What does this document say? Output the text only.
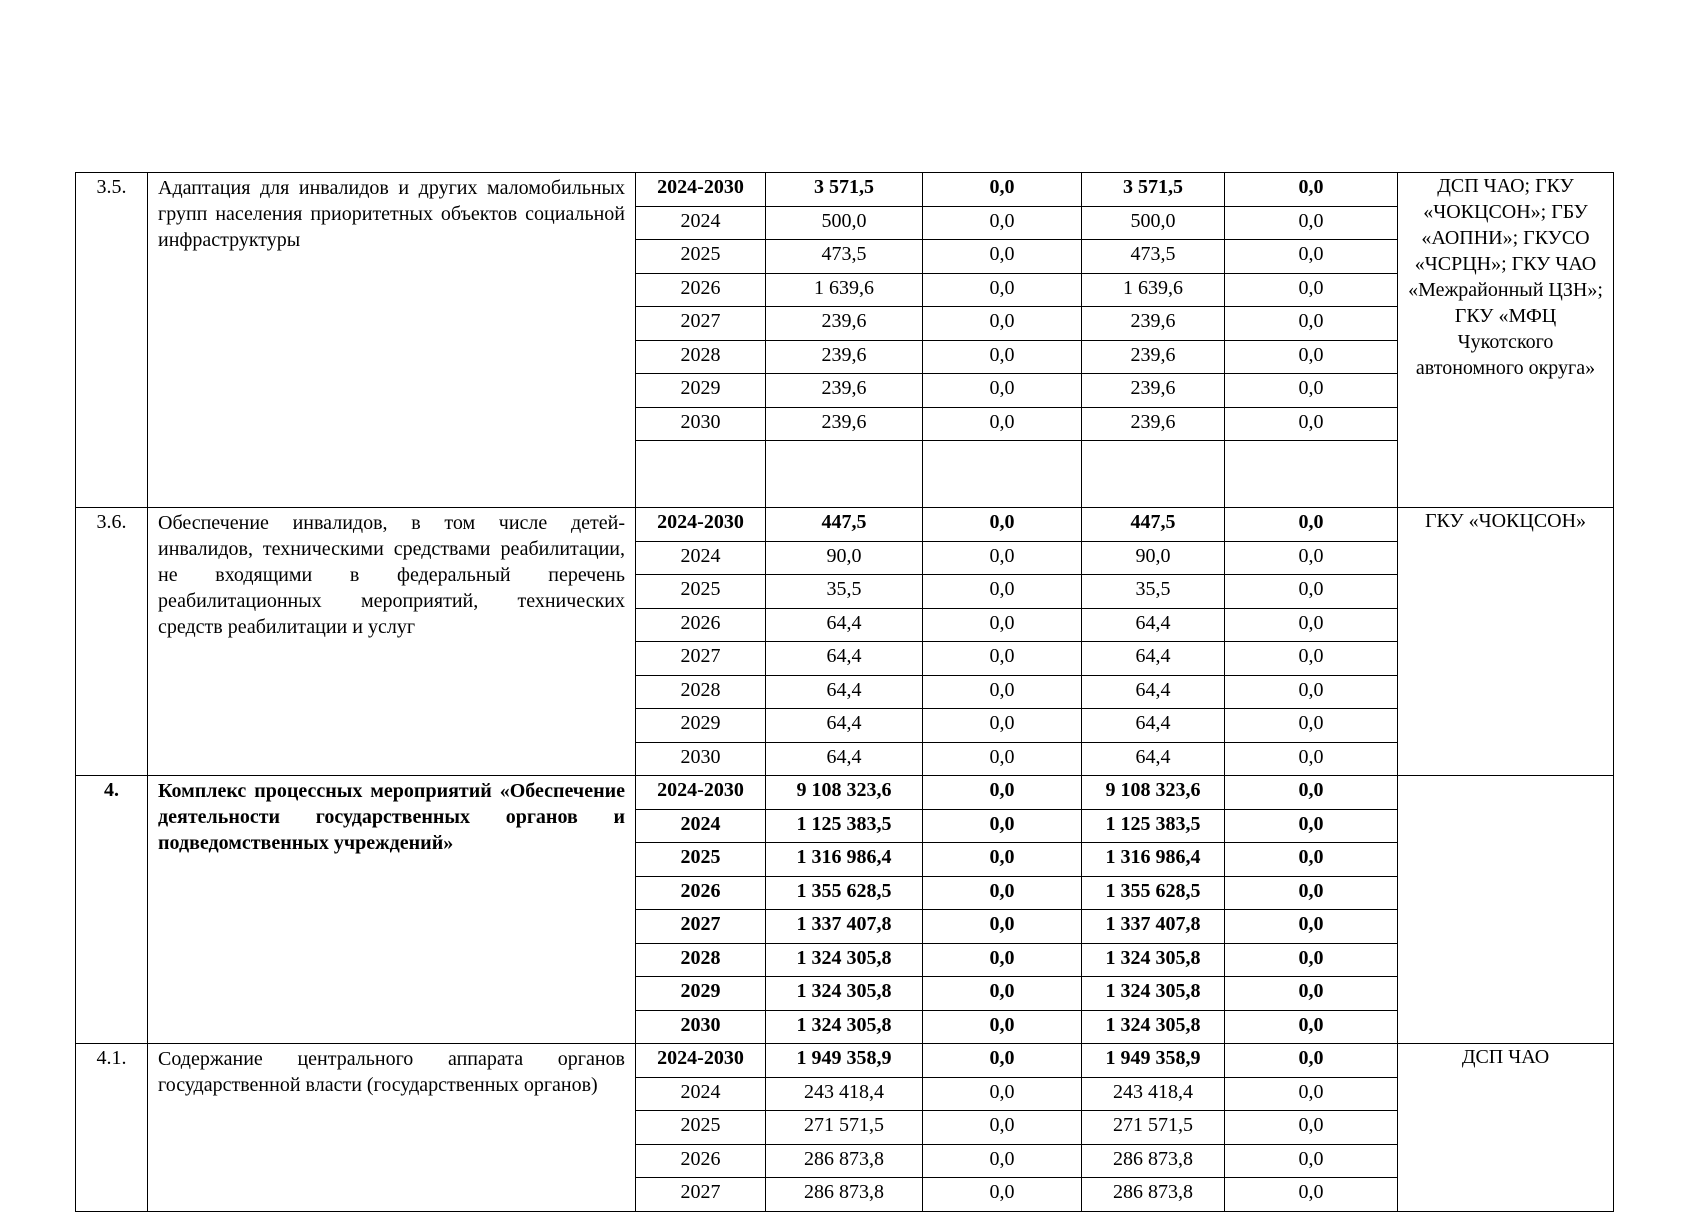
3.5.	Адаптация для инвалидов и других маломобильных групп населения приоритетных объектов социальной инфраструктуры	2024-2030	3 571,5	0,0	3 571,5	0,0	ДСП ЧАО; ГКУ «ЧОКЦСОН»; ГБУ «АОПНИ»; ГКУСО «ЧСРЦН»; ГКУ ЧАО «Межрайонный ЦЗН»; ГКУ «МФЦ Чукотского автономного округа»
		2024	500,0	0,0	500,0	0,0	
		2025	473,5	0,0	473,5	0,0	
		2026	1 639,6	0,0	1 639,6	0,0	
		2027	239,6	0,0	239,6	0,0	
		2028	239,6	0,0	239,6	0,0	
		2029	239,6	0,0	239,6	0,0	
		2030	239,6	0,0	239,6	0,0	

3.6.	Обеспечение инвалидов, в том числе детей-инвалидов, техническими средствами реабилитации, не входящими в федеральный перечень реабилитационных мероприятий, технических средств реабилитации и услуг	2024-2030	447,5	0,0	447,5	0,0	ГКУ «ЧОКЦСОН»
		2024	90,0	0,0	90,0	0,0	
		2025	35,5	0,0	35,5	0,0	
		2026	64,4	0,0	64,4	0,0	
		2027	64,4	0,0	64,4	0,0	
		2028	64,4	0,0	64,4	0,0	
		2029	64,4	0,0	64,4	0,0	
		2030	64,4	0,0	64,4	0,0	
4.	Комплекс процессных мероприятий «Обеспечение деятельности государственных органов и подведомственных учреждений»	2024-2030	9 108 323,6	0,0	9 108 323,6	0,0	
		2024	1 125 383,5	0,0	1 125 383,5	0,0	
		2025	1 316 986,4	0,0	1 316 986,4	0,0	
		2026	1 355 628,5	0,0	1 355 628,5	0,0	
		2027	1 337 407,8	0,0	1 337 407,8	0,0	
		2028	1 324 305,8	0,0	1 324 305,8	0,0	
		2029	1 324 305,8	0,0	1 324 305,8	0,0	
		2030	1 324 305,8	0,0	1 324 305,8	0,0	
4.1.	Содержание центрального аппарата органов государственной власти (государственных органов)	2024-2030	1 949 358,9	0,0	1 949 358,9	0,0	ДСП ЧАО
		2024	243 418,4	0,0	243 418,4	0,0	
		2025	271 571,5	0,0	271 571,5	0,0	
		2026	286 873,8	0,0	286 873,8	0,0	
		2027	286 873,8	0,0	286 873,8	0,0	
